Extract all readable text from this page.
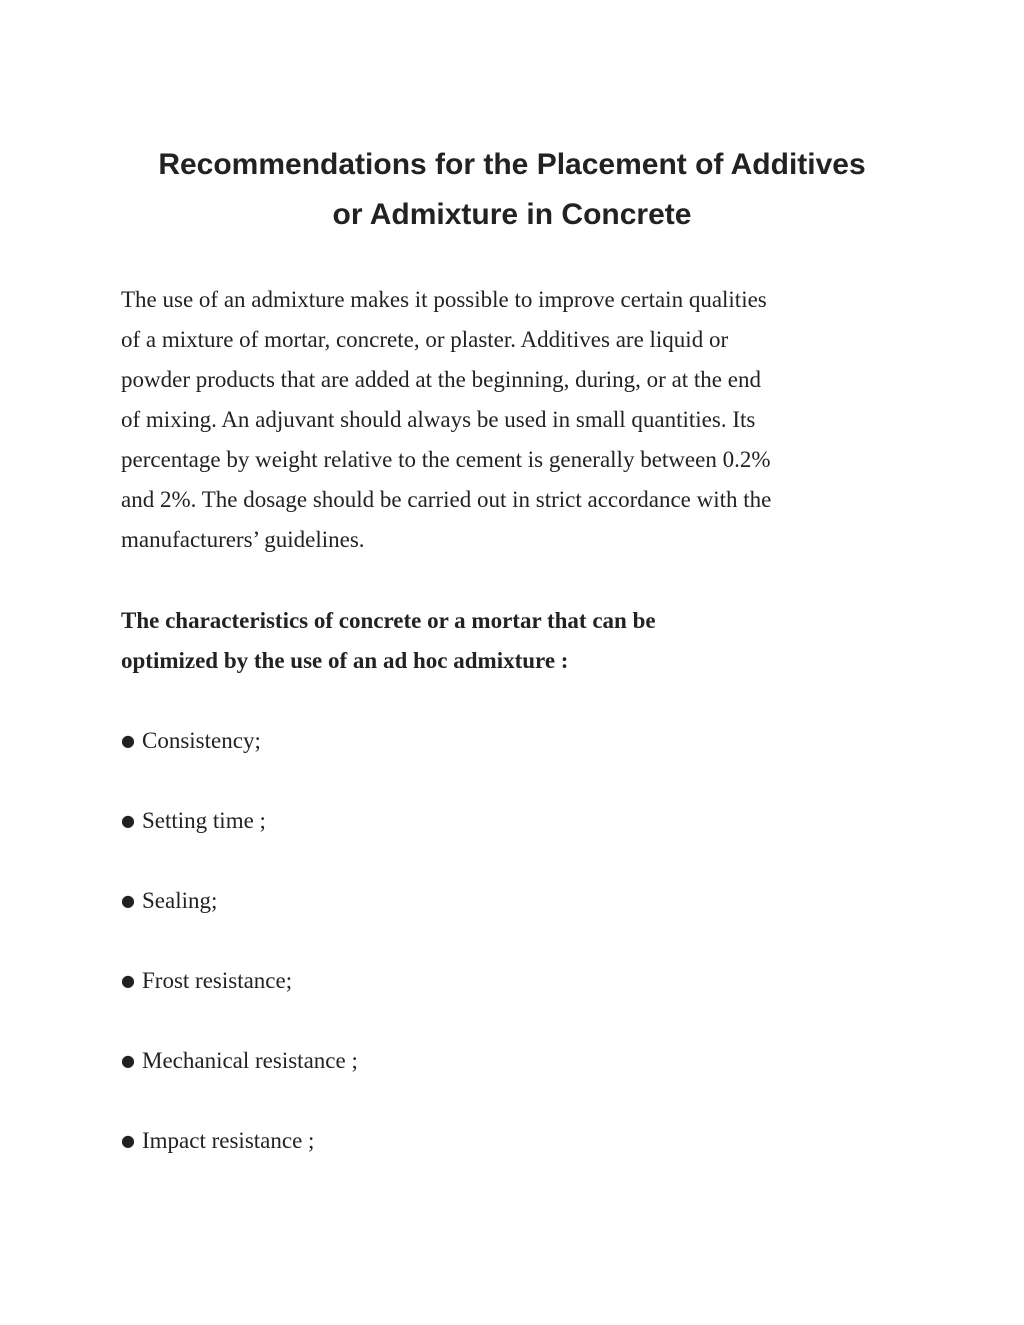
Recommendations for the Placement of Additives
or Admixture in Concrete

The use of an admixture makes it possible to improve certain qualities
of a mixture of mortar, concrete, or plaster. Additives are liquid or
powder products that are added at the beginning, during, or at the end
of mixing. An adjuvant should always be used in small quantities. Its
percentage by weight relative to the cement is generally between 0.2%
and 2%. The dosage should be carried out in strict accordance with the
manufacturers’ guidelines.

The characteristics of concrete or a mortar that can be
optimized by the use of an ad hoc admixture :
● Consistency;
● Setting time ;
● Sealing;
● Frost resistance;
● Mechanical resistance ;
● Impact resistance ;
